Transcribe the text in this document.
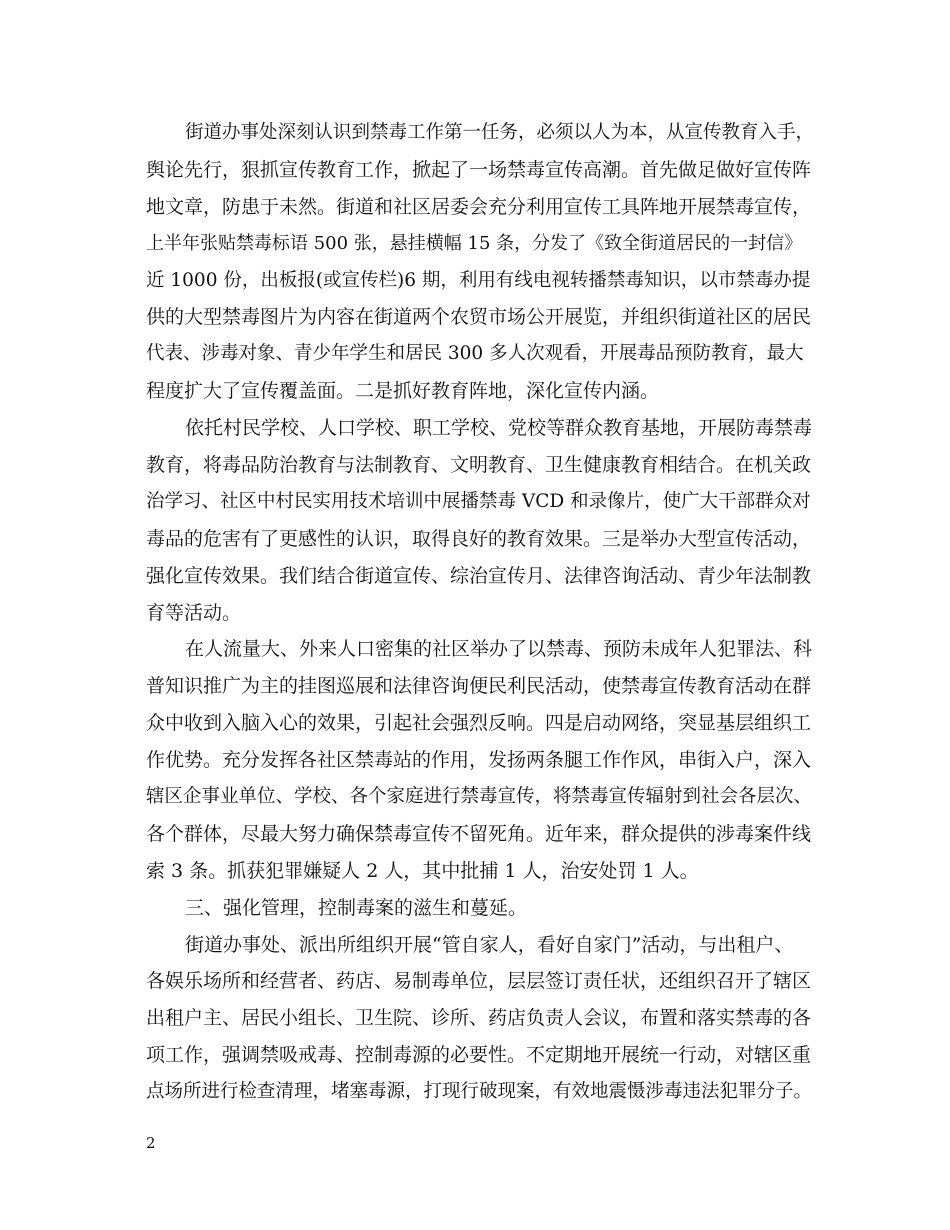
街道办事处深刻认识到禁毒工作第一任务，必须以人为本，从宣传教育入手，
舆论先行，狠抓宣传教育工作，掀起了一场禁毒宣传高潮。首先做足做好宣传阵
地文章，防患于未然。街道和社区居委会充分利用宣传工具阵地开展禁毒宣传，
上半年张贴禁毒标语 500 张，悬挂横幅 15 条，分发了《致全街道居民的一封信》
近 1000 份，出板报(或宣传栏)6 期，利用有线电视转播禁毒知识，以市禁毒办提
供的大型禁毒图片为内容在街道两个农贸市场公开展览，并组织街道社区的居民
代表、涉毒对象、青少年学生和居民 300 多人次观看，开展毒品预防教育，最大
程度扩大了宣传覆盖面。二是抓好教育阵地，深化宣传内涵。
依托村民学校、人口学校、职工学校、党校等群众教育基地，开展防毒禁毒
教育，将毒品防治教育与法制教育、文明教育、卫生健康教育相结合。在机关政
治学习、社区中村民实用技术培训中展播禁毒 VCD 和录像片，使广大干部群众对
毒品的危害有了更感性的认识，取得良好的教育效果。三是举办大型宣传活动，
强化宣传效果。我们结合街道宣传、综治宣传月、法律咨询活动、青少年法制教
育等活动。
在人流量大、外来人口密集的社区举办了以禁毒、预防未成年人犯罪法、科
普知识推广为主的挂图巡展和法律咨询便民利民活动，使禁毒宣传教育活动在群
众中收到入脑入心的效果，引起社会强烈反响。四是启动网络，突显基层组织工
作优势。充分发挥各社区禁毒站的作用，发扬两条腿工作作风，串街入户，深入
辖区企事业单位、学校、各个家庭进行禁毒宣传，将禁毒宣传辐射到社会各层次、
各个群体，尽最大努力确保禁毒宣传不留死角。近年来，群众提供的涉毒案件线
索 3 条。抓获犯罪嫌疑人 2 人，其中批捕 1 人，治安处罚 1 人。
三、强化管理，控制毒案的滋生和蔓延。
街道办事处、派出所组织开展“管自家人，看好自家门”活动，与出租户、
各娱乐场所和经营者、药店、易制毒单位，层层签订责任状，还组织召开了辖区
出租户主、居民小组长、卫生院、诊所、药店负责人会议，布置和落实禁毒的各
项工作，强调禁吸戒毒、控制毒源的必要性。不定期地开展统一行动，对辖区重
点场所进行检查清理，堵塞毒源，打现行破现案，有效地震慑涉毒违法犯罪分子。
2
